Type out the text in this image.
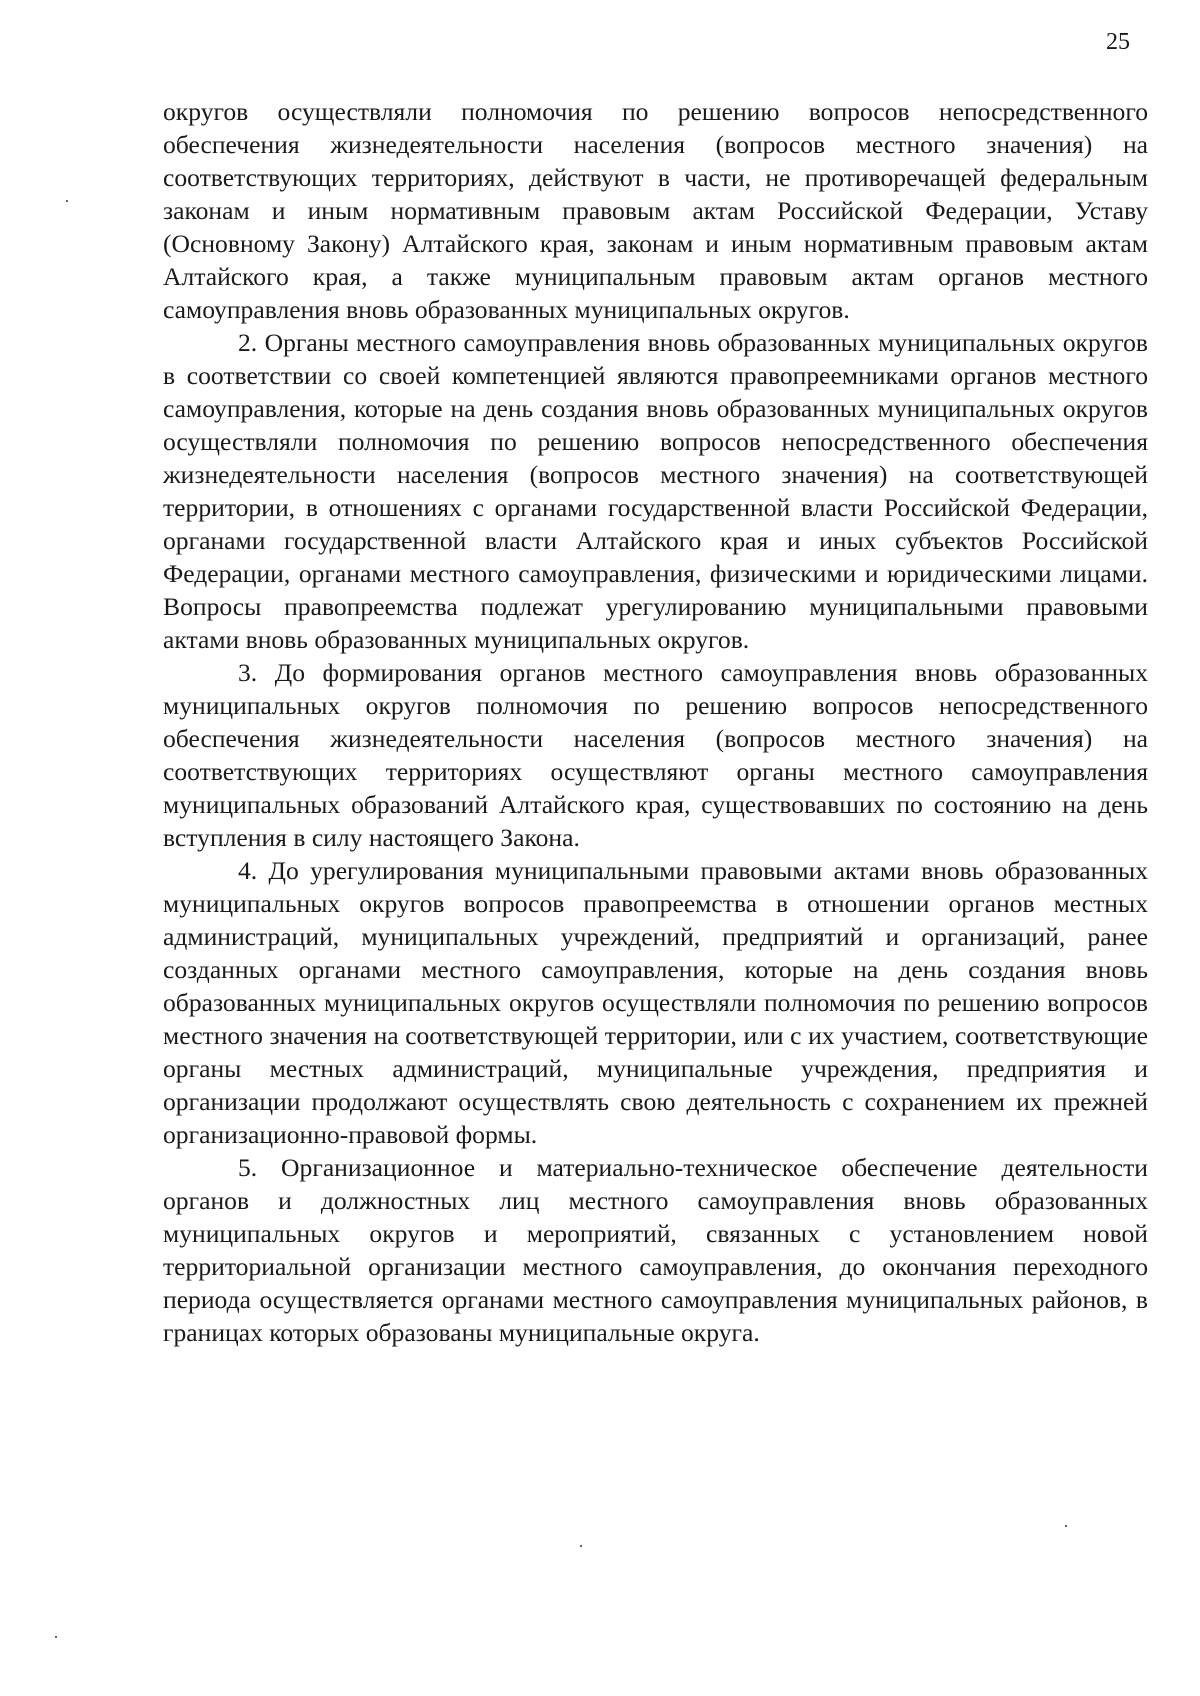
25

округов осуществляли полномочия по решению вопросов непосредственного обеспечения жизнедеятельности населения (вопросов местного значения) на соответствующих территориях, действуют в части, не противоречащей федеральным законам и иным нормативным правовым актам Российской Федерации, Уставу (Основному Закону) Алтайского края, законам и иным нормативным правовым актам Алтайского края, а также муниципальным правовым актам органов местного самоуправления вновь образованных муниципальных округов.

2. Органы местного самоуправления вновь образованных муниципальных округов в соответствии со своей компетенцией являются правопреемниками органов местного самоуправления, которые на день создания вновь образованных муниципальных округов осуществляли полномочия по решению вопросов непосредственного обеспечения жизнедеятельности населения (вопросов местного значения) на соответствующей территории, в отношениях с органами государственной власти Российской Федерации, органами государственной власти Алтайского края и иных субъектов Российской Федерации, органами местного самоуправления, физическими и юридическими лицами. Вопросы правопреемства подлежат урегулированию муниципальными правовыми актами вновь образованных муниципальных округов.

3. До формирования органов местного самоуправления вновь образованных муниципальных округов полномочия по решению вопросов непосредственного обеспечения жизнедеятельности населения (вопросов местного значения) на соответствующих территориях осуществляют органы местного самоуправления муниципальных образований Алтайского края, существовавших по состоянию на день вступления в силу настоящего Закона.

4. До урегулирования муниципальными правовыми актами вновь образованных муниципальных округов вопросов правопреемства в отношении органов местных администраций, муниципальных учреждений, предприятий и организаций, ранее созданных органами местного самоуправления, которые на день создания вновь образованных муниципальных округов осуществляли полномочия по решению вопросов местного значения на соответствующей территории, или с их участием, соответствующие органы местных администраций, муниципальные учреждения, предприятия и организации продолжают осуществлять свою деятельность с сохранением их прежней организационно-правовой формы.

5. Организационное и материально-техническое обеспечение деятельности органов и должностных лиц местного самоуправления вновь образованных муниципальных округов и мероприятий, связанных с установлением новой территориальной организации местного самоуправления, до окончания переходного периода осуществляется органами местного самоуправления муниципальных районов, в границах которых образованы муниципальные округа.
